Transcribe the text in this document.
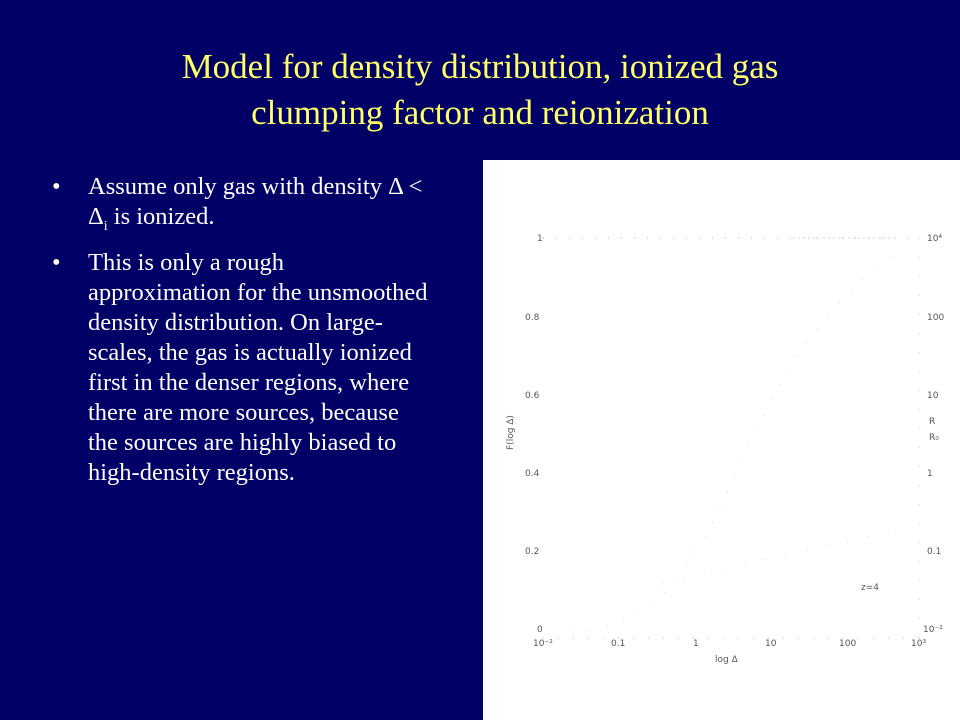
Model for density distribution, ionized gas
clumping factor and reionization
• Assume only gas with density $\Delta < \Delta_i$ is ionized.
• This is only a rough approximation for the unsmoothed density distribution. On large-scales, the gas is actually ionized first in the denser regions, where there are more sources, because the sources are highly biased to high-density regions.
1
0.8
0.6
0.4
0.2
0
10⁴
100
10
1
0.1
10⁻²
R
R₀
10⁻²	0.1	1	10	100	10³
log Δ
F(log Δ)
z=4
